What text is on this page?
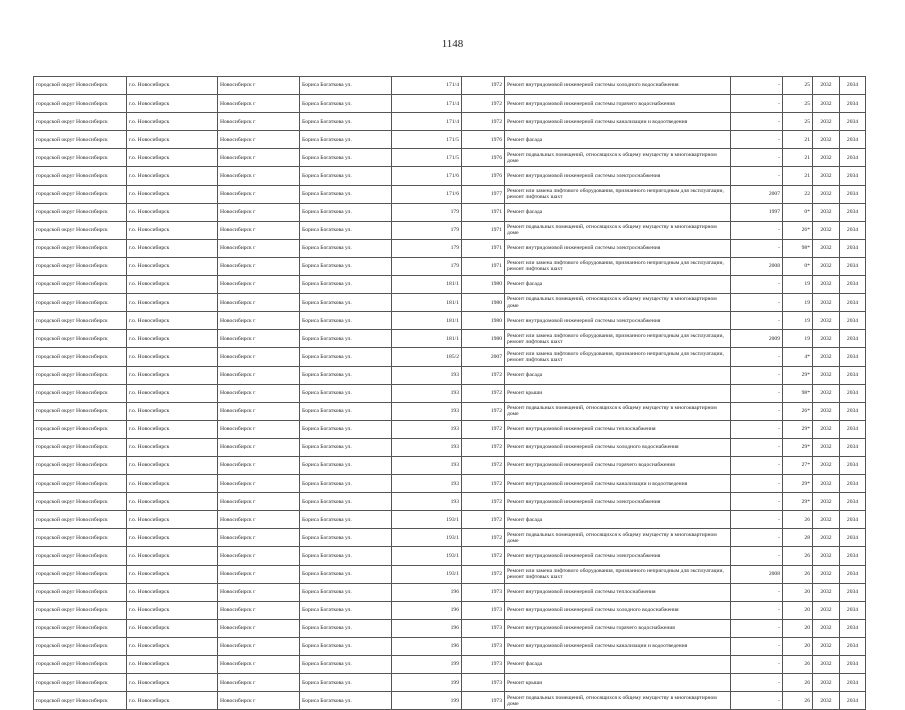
1148
городской округ Новосибирск	г.о. Новосибирск	Новосибирск г	Бориса Богаткова ул.	171/4	1972	Ремонт внутридомовой инженерной системы холодного водоснабжения	-	25	2032	2034
городской округ Новосибирск	г.о. Новосибирск	Новосибирск г	Бориса Богаткова ул.	171/4	1972	Ремонт внутридомовой инженерной системы горячего водоснабжения	-	25	2032	2034
городской округ Новосибирск	г.о. Новосибирск	Новосибирск г	Бориса Богаткова ул.	171/4	1972	Ремонт внутридомовой инженерной системы канализации и водоотведения	-	25	2032	2034
городской округ Новосибирск	г.о. Новосибирск	Новосибирск г	Бориса Богаткова ул.	171/5	1976	Ремонт фасада	-	21	2032	2034
городской округ Новосибирск	г.о. Новосибирск	Новосибирск г	Бориса Богаткова ул.	171/5	1976	Ремонт подвальных помещений, относящихся к общему имуществу в многоквартирном доме	-	21	2032	2034
городской округ Новосибирск	г.о. Новосибирск	Новосибирск г	Бориса Богаткова ул.	171/6	1976	Ремонт внутридомовой инженерной системы электроснабжения	-	21	2032	2034
городской округ Новосибирск	г.о. Новосибирск	Новосибирск г	Бориса Богаткова ул.	171/6	1977	Ремонт или замена лифтового оборудования, признанного непригодным для эксплуатации, ремонт лифтовых шахт	2007	22	2032	2034
городской округ Новосибирск	г.о. Новосибирск	Новосибирск г	Бориса Богаткова ул.	179	1971	Ремонт фасада	1997	0*	2032	2034
городской округ Новосибирск	г.о. Новосибирск	Новосибирск г	Бориса Богаткова ул.	179	1971	Ремонт подвальных помещений, относящихся к общему имуществу в многоквартирном доме	-	26*	2032	2034
городской округ Новосибирск	г.о. Новосибирск	Новосибирск г	Бориса Богаткова ул.	179	1971	Ремонт внутридомовой инженерной системы электроснабжения	-	98*	2032	2034
городской округ Новосибирск	г.о. Новосибирск	Новосибирск г	Бориса Богаткова ул.	179	1971	Ремонт или замена лифтового оборудования, признанного непригодным для эксплуатации, ремонт лифтовых шахт	2008	0*	2032	2034
городской округ Новосибирск	г.о. Новосибирск	Новосибирск г	Бориса Богаткова ул.	181/1	1980	Ремонт фасада	-	19	2032	2034
городской округ Новосибирск	г.о. Новосибирск	Новосибирск г	Бориса Богаткова ул.	181/1	1980	Ремонт подвальных помещений, относящихся к общему имуществу в многоквартирном доме	-	19	2032	2034
городской округ Новосибирск	г.о. Новосибирск	Новосибирск г	Бориса Богаткова ул.	181/1	1980	Ремонт внутридомовой инженерной системы электроснабжения	-	19	2032	2034
городской округ Новосибирск	г.о. Новосибирск	Новосибирск г	Бориса Богаткова ул.	181/1	1980	Ремонт или замена лифтового оборудования, признанного непригодным для эксплуатации, ремонт лифтовых шахт	2009	19	2032	2034
городской округ Новосибирск	г.о. Новосибирск	Новосибирск г	Бориса Богаткова ул.	185/2	2007	Ремонт или замена лифтового оборудования, признанного непригодным для эксплуатации, ремонт лифтовых шахт	-	4*	2032	2034
городской округ Новосибирск	г.о. Новосибирск	Новосибирск г	Бориса Богаткова ул.	193	1972	Ремонт фасада	-	29*	2032	2034
городской округ Новосибирск	г.о. Новосибирск	Новосибирск г	Бориса Богаткова ул.	193	1972	Ремонт крыши	-	98*	2032	2034
городской округ Новосибирск	г.о. Новосибирск	Новосибирск г	Бориса Богаткова ул.	193	1972	Ремонт подвальных помещений, относящихся к общему имуществу в многоквартирном доме	-	26*	2032	2034
городской округ Новосибирск	г.о. Новосибирск	Новосибирск г	Бориса Богаткова ул.	193	1972	Ремонт внутридомовой инженерной системы теплоснабжения	-	29*	2032	2034
городской округ Новосибирск	г.о. Новосибирск	Новосибирск г	Бориса Богаткова ул.	193	1972	Ремонт внутридомовой инженерной системы холодного водоснабжения	-	29*	2032	2034
городской округ Новосибирск	г.о. Новосибирск	Новосибирск г	Бориса Богаткова ул.	193	1972	Ремонт внутридомовой инженерной системы горячего водоснабжения	-	27*	2032	2034
городской округ Новосибирск	г.о. Новосибирск	Новосибирск г	Бориса Богаткова ул.	193	1972	Ремонт внутридомовой инженерной системы канализации и водоотведения	-	29*	2032	2034
городской округ Новосибирск	г.о. Новосибирск	Новосибирск г	Бориса Богаткова ул.	193	1972	Ремонт внутридомовой инженерной системы электроснабжения	-	29*	2032	2034
городской округ Новосибирск	г.о. Новосибирск	Новосибирск г	Бориса Богаткова ул.	193/1	1972	Ремонт фасада	-	26	2032	2034
городской округ Новосибирск	г.о. Новосибирск	Новосибирск г	Бориса Богаткова ул.	193/1	1972	Ремонт подвальных помещений, относящихся к общему имуществу в многоквартирном доме	-	28	2032	2034
городской округ Новосибирск	г.о. Новосибирск	Новосибирск г	Бориса Богаткова ул.	193/1	1972	Ремонт внутридомовой инженерной системы электроснабжения	-	26	2032	2034
городской округ Новосибирск	г.о. Новосибирск	Новосибирск г	Бориса Богаткова ул.	193/1	1972	Ремонт или замена лифтового оборудования, признанного непригодным для эксплуатации, ремонт лифтовых шахт	2008	26	2032	2034
городской округ Новосибирск	г.о. Новосибирск	Новосибирск г	Бориса Богаткова ул.	196	1973	Ремонт внутридомовой инженерной системы теплоснабжения	-	20	2032	2034
городской округ Новосибирск	г.о. Новосибирск	Новосибирск г	Бориса Богаткова ул.	196	1973	Ремонт внутридомовой инженерной системы холодного водоснабжения	-	20	2032	2034
городской округ Новосибирск	г.о. Новосибирск	Новосибирск г	Бориса Богаткова ул.	196	1973	Ремонт внутридомовой инженерной системы горячего водоснабжения	-	20	2032	2034
городской округ Новосибирск	г.о. Новосибирск	Новосибирск г	Бориса Богаткова ул.	196	1973	Ремонт внутридомовой инженерной системы канализации и водоотведения	-	20	2032	2034
городской округ Новосибирск	г.о. Новосибирск	Новосибирск г	Бориса Богаткова ул.	199	1973	Ремонт фасада	-	26	2032	2034
городской округ Новосибирск	г.о. Новосибирск	Новосибирск г	Бориса Богаткова ул.	199	1973	Ремонт крыши	-	26	2032	2034
городской округ Новосибирск	г.о. Новосибирск	Новосибирск г	Бориса Богаткова ул.	199	1973	Ремонт подвальных помещений, относящихся к общему имуществу в многоквартирном доме	-	26	2032	2034
